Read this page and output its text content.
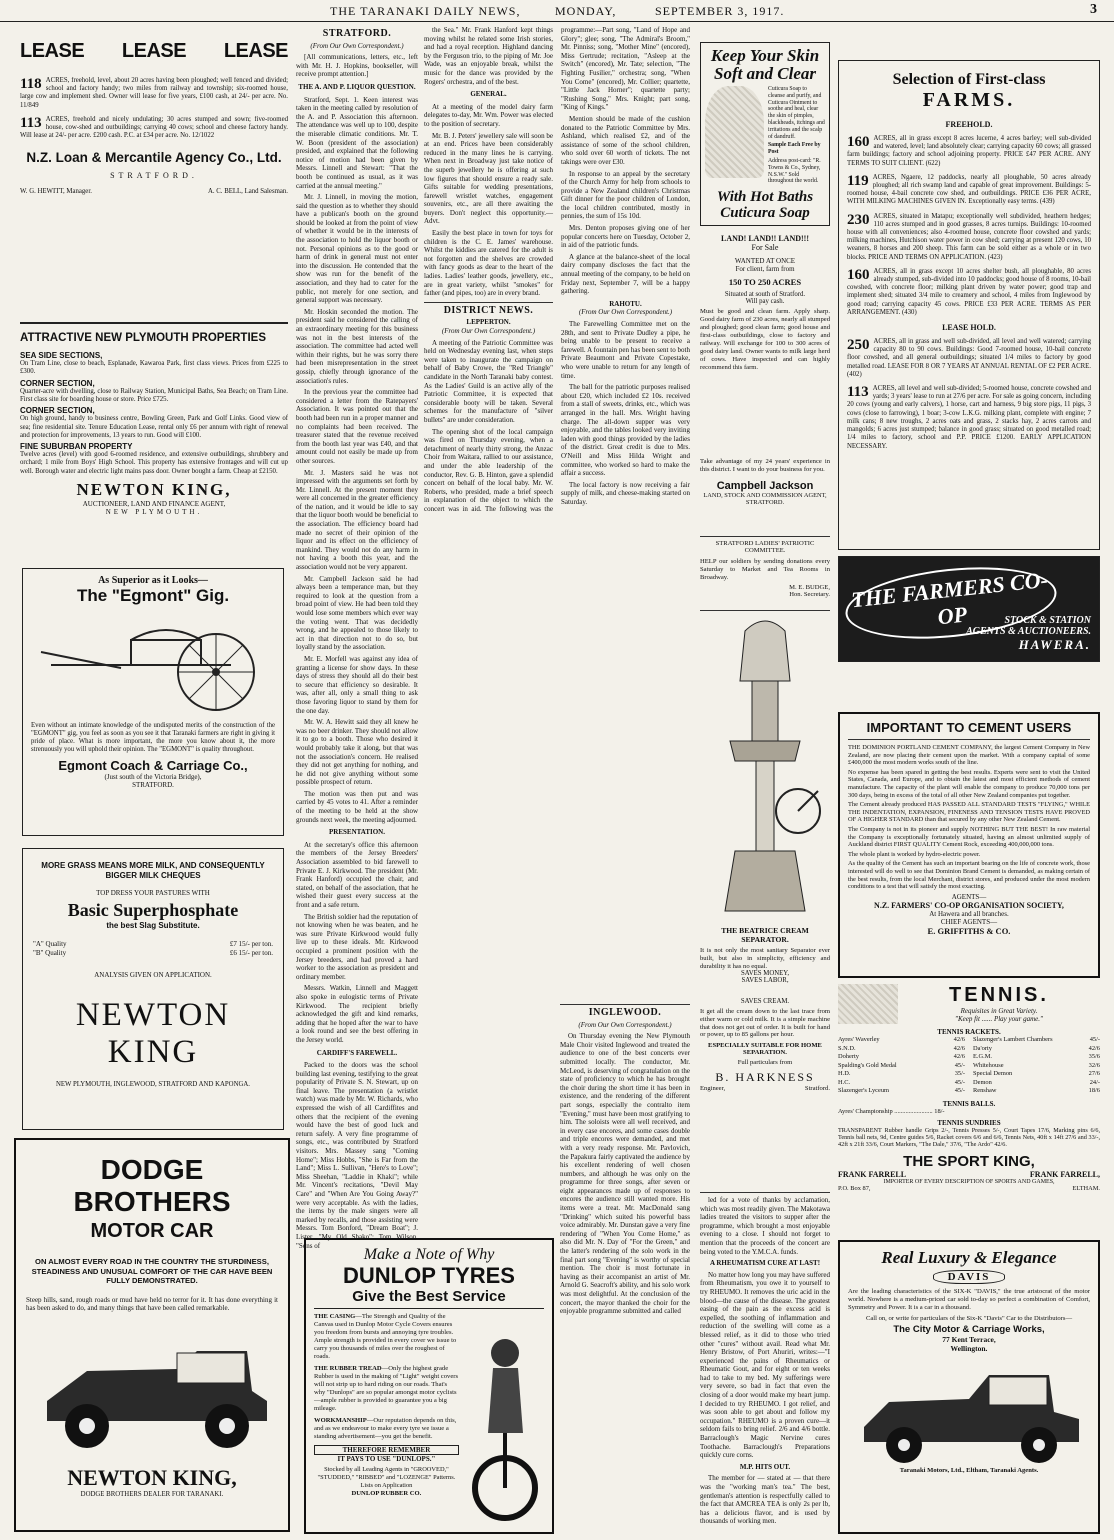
THE TARANAKI DAILY NEWS,	MONDAY,	SEPTEMBER 3, 1917.	3
LEASE LEASE LEASE
118 ACRES, freehold, level, about 20 acres having been ploughed; well fenced and divided; school and factory handy; two miles from railway and township; six-roomed house, large cow and implement shed. Owner will lease for five years, £100 cash, at 24/- per acre. No. 11/849
113 ACRES, freehold and nicely undulating; 30 acres stumped and sown; five-roomed house, cow-shed and outbuildings; carrying 40 cows; school and cheese factory handy. Will lease at 24/- per acre. £200 cash. P.C. at £34 per acre. No. 12/1022
N.Z. Loan & Mercantile Agency Co., Ltd.
STRATFORD.
W. G. HEWITT, Manager.	A. C. BELL, Land Salesman.
ATTRACTIVE NEW PLYMOUTH PROPERTIES
SEA SIDE SECTIONS,
On Tram Line, close to beach, Esplanade, Kawaroa Park, first class views. Prices from £225 to £300.
CORNER SECTION,
Quarter-acre with dwelling, close to Railway Station, Municipal Baths, Sea Beach; on Tram Line. First class site for boarding house or store. Price £725.
CORNER SECTION,
On high ground, handy to business centre, Bowling Green, Park and Golf Links. Good view of sea; fine residential site. Tenure Education Lease, rental only £6 per annum with right of renewal and protection for improvements, 13 years to run. Good will £100.
FINE SUBURBAN PROPERTY
Twelve acres (level) with good 6-roomed residence, and extensive outbuildings, shrubbery and orchard; 1 mile from Boys' High School. This property has extensive frontages and will cut up well. Borough water and electric light mains pass door. Owner bought a farm. Cheap at £2150.
NEWTON KING,
AUCTIONEER, LAND AND FINANCE AGENT,
NEW PLYMOUTH.
As Superior as it Looks—
The "Egmont" Gig.
Even without an intimate knowledge of the undisputed merits of the construction of the "EGMONT" gig, you feel as soon as you see it that Taranaki farmers are right in giving it pride of place. What is more important, the more you know about it, the more strenuously you will uphold their opinion. The "EGMONT" is quality throughout.
Egmont Coach & Carriage Co.,
(Just south of the Victoria Bridge),
STRATFORD.
MORE GRASS MEANS MORE MILK, AND CONSEQUENTLY BIGGER MILK CHEQUES
TOP DRESS YOUR PASTURES WITH
Basic Superphosphate
the best Slag Substitute.
"A" Quality	£7 15/- per ton.
"B" Quality	£6 15/- per ton.
ANALYSIS GIVEN ON APPLICATION.
NEWTON KING
NEW PLYMOUTH, INGLEWOOD, STRATFORD AND KAPONGA.
DODGE BROTHERS
MOTOR CAR
ON ALMOST EVERY ROAD IN THE COUNTRY THE STURDINESS, STEADINESS AND UNUSUAL COMFORT OF THE CAR HAVE BEEN FULLY DEMONSTRATED.
Steep hills, sand, rough roads or mud have held no terror for it. It has done everything it has been asked to do, and many things that have been called remarkable.
NEWTON KING,
DODGE BROTHERS DEALER FOR TARANAKI.
STRATFORD.
(From Our Own Correspondent.)

[All communications, letters, etc., left with Mr. H. J. Hopkins, bookseller, will receive prompt attention.]

THE A. AND P. LIQUOR QUESTION.

Stratford, Sept. 1. Keen interest was taken in the meeting called by resolution of the A. and P. Association this afternoon. The attendance was well up to 100, despite the miserable climatic conditions. Mr. T. W. Boon (president of the association) presided, and explained that the following notice of motion had been given by Messrs. Linnell and Stewart: "That the booth be continued as usual, as it was carried at the annual meeting."

Mr. J. Linnell, in moving the motion, said the question as to whether they should have a publican's booth on the ground should be looked at from the point of view of whether it would be in the interests of the association to hold the liquor booth or not. Personal opinions as to the good or harm of drink in general must not enter into the discussion. He contended that the show was run for the benefit of the association, and they had to cater for the public, not merely for one section, and general support was necessary.

Mr. Hoskin seconded the motion. The president said he considered the calling of an extraordinary meeting for this business was not in the best interests of the association. The committee had acted well within their rights, but he was sorry there had been misrepresentation in the street gossip, chiefly through ignorance of the association's rules.

In the previous year the committee had considered a letter from the Ratepayers' Association. It was pointed out that the booth had been run in a proper manner and no complaints had been received. The treasurer stated that the revenue received from the booth last year was £40, and that amount could not easily be made up from other sources.

Mr. J. Masters said he was not impressed with the arguments set forth by Mr. Linnell. At the present moment they were all concerned in the greater efficiency of the nation, and it would be idle to say that the liquor booth would be beneficial to the association. The efficiency board had made no secret of their opinion of the liquor and its effect on the efficiency of mankind. They would not do any harm in not having a booth this year, and the association would not be very apparent.

Mr. Campbell Jackson said he had always been a temperance man, but they required to look at the question from a broad point of view. He had been told they would lose some members which ever way the voting went. That was decidedly wrong, and he appealed to those likely to act in that direction not to do so, but loyally stand by the association.

Mr. E. Morfell was against any idea of granting a license for show days. In these days of stress they should all do their best to secure that efficiency so desirable. It was, after all, only a small thing to ask those favoring liquor to stand by them for the one day.

Mr. W. A. Hewitt said they all knew he was no beer drinker. They should not allow it to go to a booth. Those who desired it would probably take it along, but that was not the association's concern. He realised they did not get anything for nothing, and he did not give anything without some possible prospect of return.

The motion was then put and was carried by 45 votes to 41. After a reminder of the meeting to be held at the show grounds next week, the meeting adjourned.

PRESENTATION.

At the secretary's office this afternoon the members of the Jersey Breeders' Association assembled to bid farewell to Private E. J. Kirkwood. The president (Mr. Frank Hanford) occupied the chair, and stated, on behalf of the association, that he wished their guest every success at the front and a safe return.

The British soldier had the reputation of not knowing when he was beaten, and he was sure Private Kirkwood would fully live up to these ideals. Mr. Kirkwood occupied a prominent position with the Jersey breeders, and had proved a hard worker to the association as president and ordinary member.

Messrs. Watkin, Linnell and Maggett also spoke in eulogistic terms of Private Kirkwood. The recipient briefly acknowledged the gift and kind remarks, adding that he hoped after the war to have a look round and see the best offering in the Jersey world.

CARDIFF'S FAREWELL.

Packed to the doors was the school building last evening, testifying to the great popularity of Private S. N. Stewart, up on final leave. The presentation (a wristlet watch) was made by Mr. W. Richards, who expressed the wish of all Cardiffites and others that the recipient of the evening would have the best of good luck and return safely. A very fine programme of songs, etc., was contributed by Stratford visitors. Mrs. Massey sang "Coming Home"; Miss Hobbs, "She is Far from the Land"; Miss L. Sullivan, "Here's to Love"; Miss Sheehan, "Laddie in Khaki"; while Mr. Vincent's recitations, "Devil May Care" and "When Are You Going Away?" were very acceptable. As with the ladies, the items by the male singers were all marked by recalls, and those assisting were Messrs. Tom Bonford, "Dream Boat"; J. Lister, "My Old Shako"; Tom Wilson, "Sons of

the Sea." Mr. Frank Hanford kept things moving whilst he related some Irish stories, and had a royal reception. Highland dancing by the Ferguson trio, to the piping of Mr. Joe Wade, was an enjoyable break, whilst the music for the dance was provided by the Rogers' orchestra, and of the best.

GENERAL.

At a meeting of the model dairy farm delegates to-day, Mr. Wm. Power was elected to the position of secretary.

Mr. B. J. Peters' jewellery sale will soon be at an end. Prices have been considerably reduced in the many lines he is carrying. When next in Broadway just take notice of the superb jewellery he is offering at such low figures that should ensure a ready sale. Gifts suitable for wedding presentations, farewell wristlet watches, engagement souvenirs, etc., are all there awaiting the buyers. Don't neglect this opportunity.—Advt.

Easily the best place in town for toys for children is the C. E. James' warehouse. Whilst the kiddies are catered for the adult is not forgotten and the shelves are crowded with fancy goods as dear to the heart of the ladies. Ladies' leather goods, jewellery, etc., are in great variety, whilst "smokes" for father (and pipes, too) are in every brand.

DISTRICT NEWS.
LEPPERTON.
(From Our Own Correspondent.)

A meeting of the Patriotic Committee was held on Wednesday evening last, when steps were taken to inaugurate the campaign on behalf of Baby Crowe, the "Red Triangle" candidate in the North Taranaki baby contest. As the Ladies' Guild is an active ally of the Patriotic Committee, it is expected that considerable booty will be taken. Several schemes for the manufacture of "silver bullets" are under consideration.

The opening shot of the local campaign was fired on Thursday evening, when a detachment of nearly thirty strong, the Anzac Choir from Waitara, rallied to our assistance, and under the able leadership of the conductor, Rev. G. B. Hinton, gave a splendid concert on behalf of the local baby. Mr. W. Roberts, who presided, made a brief speech in explanation of the object to which the concert was in aid. The following was the programme:—Part song, "Land of Hope and Glory"; glee; song, "The Admiral's Broom," Mr. Pinniss; song, "Mother Mine" (encored), Miss Gertrude; recitation, "Asleep at the Switch" (encored), Mr. Tate; selection, "The Fighting Fusilier," orchestra; song, "When You Come" (encored), Mr. Collier; quartette, "Little Jack Horner"; quartette party; "Rushing Song," Mrs. Knight; part song, "King of Kings."

Mention should be made of the cushion donated to the Patriotic Committee by Mrs. Ashland, which realised £2, and of the assistance of some of the school children, who sold over 60 worth of tickets. The net takings were over £30.

In response to an appeal by the secretary of the Church Army for help from schools to provide a New Zealand children's Christmas Gift dinner for the poor children of London, the local children contributed, mostly in pennies, the sum of 15s 10d.

Mrs. Denton proposes giving one of her popular concerts here on Tuesday, October 2, in aid of the patriotic funds.

A glance at the balance-sheet of the local dairy company discloses the fact that the annual meeting of the company, to be held on Friday next, September 7, will be a happy gathering.

RAHOTU.
(From Our Own Correspondent.)

The Farewelling Committee met on the 28th, and sent to Private Dudley a pipe, he being unable to be present to receive a farewell. A fountain pen has been sent to both Private Beaumont and Private Copestake, who were unable to return for any length of time.

The ball for the patriotic purposes realised about £20, which included £2 10s. received from a stall of sweets, drinks, etc., which was arranged in the hall. Mrs. Wright having charge. The all-down supper was very enjoyable, and the tables looked very inviting laden with good things provided by the ladies of the district. Great credit is due to Mrs. O'Neill and Miss Hilda Wright and committee, who worked so hard to make the affair a success.

The local factory is now receiving a fair supply of milk, and cheese-making started on Saturday.

INGLEWOOD.
(From Our Own Correspondent.)

On Thursday evening the New Plymouth Male Choir visited Inglewood and treated the audience to one of the best concerts ever submitted locally. The conductor, Mr. McLeod, is deserving of congratulation on the state of proficiency to which he has brought the choir during the short time it has been in existence, and the rendering of the different part songs, especially the contralto item "Evening," must have been most gratifying to him. The soloists were all well received, and in every case encores, and some cases double and triple encores were demanded, and met with a very ready response. Mr. Pavlovich, the Papakura fairly captivated the audience by his excellent rendering of well chosen numbers, and although he was only on the programme for three songs, after seven or eight appearances made up of responses to encores the audience still wanted more. His items were a treat. Mr. MacDonald sang "Drinking" which suited his powerful bass voice admirably. Mr. Dunstan gave a very fine rendering of "When You Come Home," as also did Mr. N. Day of "For the Green," and the latter's rendering of the solo work in the final part song "Evening" is worthy of special mention. The choir is most fortunate in having as their accompanist an artist of Mr. Arnold G. Seacroft's ability, and his solo work was most delightful. At the conclusion of the concert, the mayor thanked the choir for the enjoyable programme submitted and called

Make a Note of Why
DUNLOP TYRES
Give the Best Service
THE CASING—The Strength and Quality of the Canvas used in Dunlop Motor Cycle Covers ensures you freedom from bursts and annoying tyre troubles. Ample strength is provided in every cover we issue to carry you thousands of miles over the roughest of roads.
THE RUBBER TREAD—Only the highest grade Rubber is used in the making of "Light" weight covers will not strip up to hard riding on our roads. That's why "Dunlops" are so popular amongst motor cyclists—ample rubber is provided to guarantee you a big mileage.
WORKMANSHIP—Our reputation depends on this, and as we endeavour to make every tyre we issue a standing advertisement—you get the benefit.
THEREFORE REMEMBER
IT PAYS TO USE "DUNLOPS."
Stocked by all Leading Agents in "GROOVED," "STUDDED," "RIBBED" and "LOZENGE" Patterns. Lists on Application
DUNLOP RUBBER CO.
Keep Your Skin
Soft and Clear
Cuticura Soap to cleanse and purify, and Cuticura Ointment to soothe and heal, clear the skin of pimples, blackheads, itchings and irritations and the scalp of dandruff.
Sample Each Free by Post
Address post-card: "R. Towns & Co., Sydney, N.S.W." Sold throughout the world.
With Hot Baths
Cuticura Soap
LAND! LAND!! LAND!!!
For Sale
WANTED AT ONCE
For client, farm from
150 TO 250 ACRES
Situated at south of Stratford.
Will pay cash.
Must be good and clean farm. Apply sharp. Good dairy farm of 230 acres, nearly all stumped and ploughed; good clean farm; good house and first-class outbuildings, close to factory and railway. Will exchange for 100 to 300 acres of good dairy land. Owner wants to milk large herd of cows. Have inspected and can highly recommend this farm.
Take advantage of my 24 years' experience in this district. I want to do your business for you.
Campbell Jackson
LAND, STOCK AND COMMISSION AGENT,
STRATFORD.
STRATFORD LADIES' PATRIOTIC COMMITTEE.
HELP our soldiers by sending donations every Saturday to Market and Tea Rooms in Broadway.
M. E. BUDGE,
Hon. Secretary.
THE BEATRICE CREAM SEPARATOR.
It is not only the most sanitary Separator ever built, but also in simplicity, efficiency and durability it has no equal.
SAVES MONEY,
SAVES LABOR,
SAVES CREAM.
It get all the cream down to the last trace from either warm or cold milk. It is a simple machine that does not get out of order. It is built for hand or power, up to 85 gallons per hour.
ESPECIALLY SUITABLE FOR HOME SEPARATION.
Full particulars from
B. HARKNESS
Engineer,	Stratford.

led for a vote of thanks by acclamation, which was most readily given. The Makotawa ladies treated the visitors to supper after the programme, which brought a most enjoyable evening to a close. I should not forget to mention that the proceeds of the concert are being voted to the Y.M.C.A. funds.

A RHEUMATISM CURE AT LAST!

No matter how long you may have suffered from Rheumatism, you owe it to yourself to try RHEUMO. It removes the uric acid in the blood—the cause of the disease. The greatest easing of the pain as the excess acid is expelled, the soothing of inflammation and reduction of the swelling will come as a blessed relief, as it did to those who tried other "cures" without avail. Read what Mr. Henry Bristow, of Port Ahuriri, writes:—"I experienced the pains of Rheumatics or Rheumatic Gout, and for eight or ten weeks had to take to my bed. My sufferings were very severe, so bad in fact that even the closing of a door would make my heart jump. I decided to try RHEUMO. I got relief, and was soon able to get about and follow my occupation." RHEUMO is a proven cure—it seldom fails to bring relief. 2/6 and 4/6 bottle. Barraclough's Magic Nervine cures Toothache. Barraclough's Preparations quickly cure corns.

M.P. HITS OUT.

The member for — stated at — that there was the "working man's tea." The best, gentleman's attention is respectfully called to the fact that AMCREA TEA is only 2s per lb, has a delicious flavor, and is used by thousands of working men.

Selection of First-class
FARMS.
FREEHOLD.
160 ACRES, all in grass except 8 acres lucerne, 4 acres barley; well sub-divided and watered, level; land absolutely clear; carrying capacity 60 cows; all grassed farm buildings; factory and school adjoining property. PRICE £47 PER ACRE. ANY TERMS TO SUIT CLIENT. (622)
119 ACRES, Ngaere, 12 paddocks, nearly all ploughable, 50 acres already ploughed; all rich swamp land and capable of great improvement. Buildings: 5-roomed house, 4-bail concrete cow shed, and outbuildings. PRICE £36 PER ACRE, WITH MILKING MACHINES GIVEN IN. Exceptionally easy terms. (439)
230 ACRES, situated in Matapu; exceptionally well subdivided, heathern hedges; 110 acres stumped and in good grasses, 8 acres turnips. Buildings: 10-roomed house with all conveniences; also 4-roomed house, concrete floor cowshed and yards; milking machines, Hutchison water power in cow shed; carrying at present 120 cows, 10 weaners, 8 horses and 200 sheep. This farm can be sold either as a whole or in two blocks. PRICE AND TERMS ON APPLICATION. (423)
160 ACRES, all in grass except 10 acres shelter bush, all ploughable, 80 acres already stumped, sub-divided into 10 paddocks; good house of 8 rooms, 10-bail cowshed, with concrete floor; milking plant driven by water power; good trap and implement shed; situated 3/4 mile to creamery and school, 4 miles from Inglewood by good road; carrying capacity 45 cows. PRICE £33 PER ACRE. TERMS AS PER ARRANGEMENT. (430)
LEASE HOLD.
250 ACRES, all in grass and well sub-divided, all level and well watered; carrying capacity 80 to 90 cows. Buildings: Good 7-roomed house, 10-bail concrete floor cowshed, and all general outbuildings; situated 1/4 miles to factory by good metalled road. LEASE FOR 8 OR 7 YEARS AT ANNUAL RENTAL OF £2 PER ACRE. (402)
113 ACRES, all level and well sub-divided; 5-roomed house, concrete cowshed and yards; 3 years' lease to run at 27/6 per acre. For sale as going concern, including 20 cows (young and early calvers), 1 horse, cart and harness, 9 big store pigs, 11 pigs, 3 cows (close to farrowing), 1 boar; 3-cow L.K.G. milking plant, complete with engine; 7 milk cans; 8 new troughs, 2 acres oats and grass, 2 stacks hay, 2 acres carrots and mangolds; 6 acres just stumped; balance in good grass; situated on good metalled road; 1/4 miles to factory, school and P.P. PRICE £1200. EARLY APPLICATION NECESSARY.
THE FARMERS CO-OP	STOCK & STATION
AGENTS & AUCTIONEERS.
HAWERA.
IMPORTANT TO CEMENT USERS

THE DOMINION PORTLAND CEMENT COMPANY, the largest Cement Company in New Zealand, are now placing their cement upon the market. With a company capital of some £400,000 the most modern works south of the line.

No expense has been spared in getting the best results. Experts were sent to visit the United States, Canada, and Europe, and to obtain the latest and most efficient methods of cement manufacture. The capacity of the plant will enable the company to produce 70,000 tons per 300 days, being in excess of the total of all other New Zealand companies put together.

The Cement already produced HAS PASSED ALL STANDARD TESTS "FLYING," WHILE THE INDENTATION, EXPANSION, FINENESS AND TENSION TESTS HAVE PROVED OF A HIGHER STANDARD than that secured by any other New Zealand Cement.

The Company is not in its pioneer and supply NOTHING BUT THE BEST! In raw material the Company is exceptionally fortunately situated, having an almost unlimited supply of Auckland district FIRST QUALITY Cement Rock, exceeding 400,000,000 tons.

The whole plant is worked by hydro-electric power.

As the quality of the Cement has such an important bearing on the life of concrete work, those interested will do well to see that Dominion Brand Cement is demanded, as making certain of the best results, from the local Merchant, district stores, and produced under the most modern conditions to a test that will satisfy the most exacting.

AGENTS—
N.Z. FARMERS' CO-OP ORGANISATION SOCIETY,
At Hawera and all branches.
CHIEF AGENTS—
E. GRIFFITHS & CO.
TENNIS.
Requisites in Great Variety.
"Keep fit ...... Play your game."
TENNIS RACKETS.
Ayres' Waverley	42/6
S.N.D.	42/6
Doherty	42/6
Spalding's Gold Medal	45/-
H.D.	35/-
H.C.	45/-
Slazenger's Lyceum	45/-
Slazenger's Lambert Chambers	45/-
Da'orty	42/6
E.G.M.	35/6
Whitehouse	32/6
Special Demon	27/6
Demon	24/-
Renshaw	18/6
TENNIS BALLS.
Ayres' Championship ........................ 18/-
TENNIS SUNDRIES
TRANSPARENT Rubber handle Grips 2/-, Tennis Presses 5/-, Court Tapes 17/6, Marking pins 6/6, Tennis ball nets, 9d, Centre guides 5/6, Racket covers 6/6 and 6/6, Tennis Nets, 40ft x 14ft 27/6 and 33/-, 42ft x 21ft 33/6, Court Markers, "The Dale," 37/6, "The Ardo" 42/6.
THE SPORT KING,
FRANK FARRELL	FRANK FARRELL,
IMPORTER OF EVERY DESCRIPTION OF SPORTS AND GAMES,
P.O. Box 87,	ELTHAM.
Real Luxury & Elegance
DAVIS
Are the leading characteristics of the SIX-K "DAVIS," the true aristocrat of the motor world. Nowhere is a medium-priced car sold to-day so perfect a combination of Comfort, Symmetry and Power. It is a car in a thousand.
Call on, or write for particulars of the Six-K "Davis" Car to the Distributors—
The City Motor & Carriage Works,
77 Kent Terrace,
Wellington.
Taranaki Motors, Ltd., Eltham, Taranaki Agents.
